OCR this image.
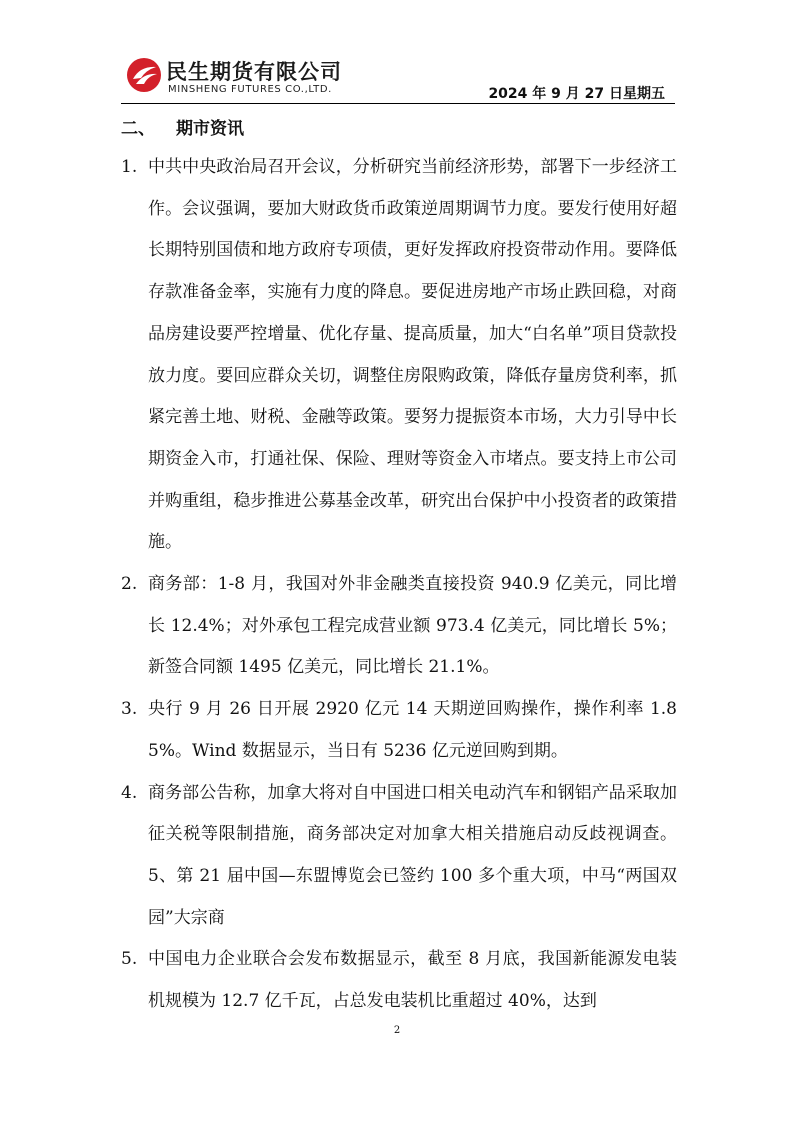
民生期货有限公司
MINSHENG FUTURES CO.,LTD.	2024 年 9 月 27 日星期五
二、 期市资讯
1. 中共中央政治局召开会议，分析研究当前经济形势，部署下一步经济工作。会议强调，要加大财政货币政策逆周期调节力度。要发行使用好超长期特别国债和地方政府专项债，更好发挥政府投资带动作用。要降低存款准备金率，实施有力度的降息。要促进房地产市场止跌回稳，对商品房建设要严控增量、优化存量、提高质量，加大“白名单”项目贷款投放力度。要回应群众关切，调整住房限购政策，降低存量房贷利率，抓紧完善土地、财税、金融等政策。要努力提振资本市场，大力引导中长期资金入市，打通社保、保险、理财等资金入市堵点。要支持上市公司并购重组，稳步推进公募基金改革，研究出台保护中小投资者的政策措施。
2. 商务部：1-8 月，我国对外非金融类直接投资 940.9 亿美元，同比增长 12.4%；对外承包工程完成营业额 973.4 亿美元，同比增长 5%；新签合同额 1495 亿美元，同比增长 21.1%。
3. 央行 9 月 26 日开展 2920 亿元 14 天期逆回购操作，操作利率 1.85%。Wind 数据显示，当日有 5236 亿元逆回购到期。
4. 商务部公告称，加拿大将对自中国进口相关电动汽车和钢铝产品采取加征关税等限制措施，商务部决定对加拿大相关措施启动反歧视调查。5、第 21 届中国—东盟博览会已签约 100 多个重大项，中马“两国双园”大宗商
5. 中国电力企业联合会发布数据显示，截至 8 月底，我国新能源发电装机规模为 12.7 亿千瓦，占总发电装机比重超过 40%，达到
2
